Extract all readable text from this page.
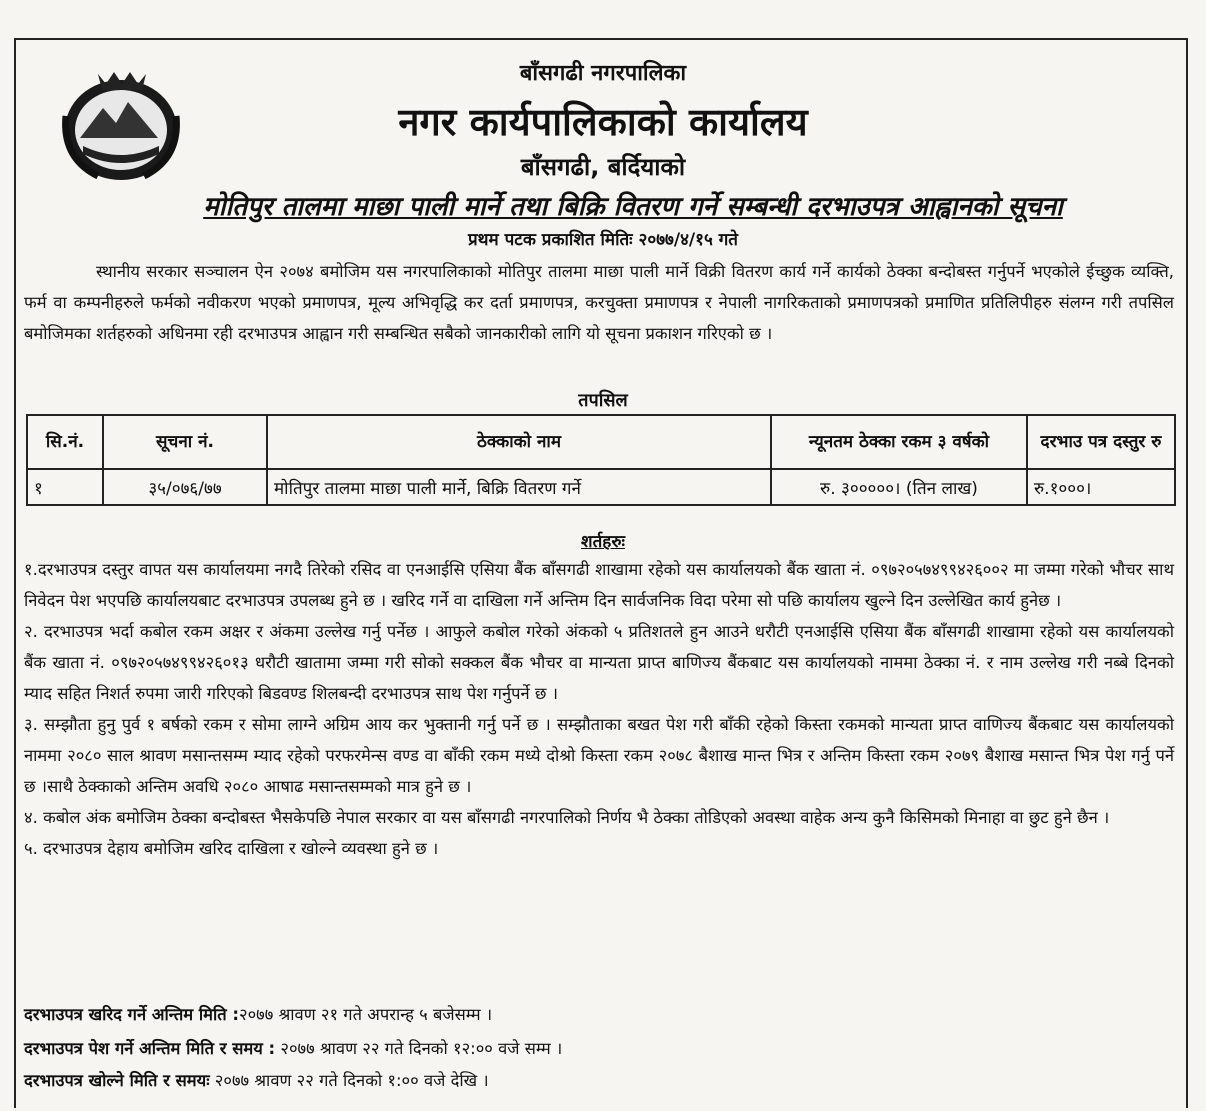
बाँसगढी नगरपालिका
नगर कार्यपालिकाको कार्यालय
बाँसगढी, बर्दियाको
मोतिपुर तालमा माछा पाली मार्ने तथा बिक्रि वितरण गर्ने सम्बन्धी दरभाउपत्र आह्वानको सूचना
प्रथम पटक प्रकाशित मितिः २०७७/४/१५ गते
स्थानीय सरकार सञ्चालन ऐन २०७४ बमोजिम यस नगरपालिकाको मोतिपुर तालमा माछा पाली मार्ने विक्री वितरण कार्य गर्ने कार्यको ठेक्का बन्दोबस्त गर्नुपर्ने भएकोले ईच्छुक व्यक्ति, फर्म वा कम्पनीहरुले फर्मको नवीकरण भएको प्रमाणपत्र, मूल्य अभिवृद्धि कर दर्ता प्रमाणपत्र, करचुक्ता प्रमाणपत्र र नेपाली नागरिकताको प्रमाणपत्रको प्रमाणित प्रतिलिपीहरु संलग्न गरी तपसिल बमोजिमका शर्तहरुको अधिनमा रही दरभाउपत्र आह्वान गरी सम्बन्धित सबैको जानकारीको लागि यो सूचना प्रकाशन गरिएको छ ।
तपसिल
सि.नं.	सूचना नं.	ठेक्काको नाम	न्यूनतम ठेक्का रकम ३ वर्षको	दरभाउ पत्र दस्तुर रु
१	३५/०७६/७७	मोतिपुर तालमा माछा पाली मार्ने, बिक्रि वितरण गर्ने	रु. ३०००००। (तिन लाख)	रु.१०००।
शर्तहरुः

१.दरभाउपत्र दस्तुर वापत यस कार्यालयमा नगदै तिरेको रसिद वा एनआईसि एसिया बैंक बाँसगढी शाखामा रहेको यस कार्यालयको बैंक खाता नं. ०९७२०५७४९९४२६००२ मा जम्मा गरेको भौचर साथ निवेदन पेश भएपछि कार्यालयबाट दरभाउपत्र उपलब्ध हुने छ । खरिद गर्ने वा दाखिला गर्ने अन्तिम दिन सार्वजनिक विदा परेमा सो पछि कार्यालय खुल्ने दिन उल्लेखित कार्य हुनेछ ।

२. दरभाउपत्र भर्दा कबोल रकम अक्षर र अंकमा उल्लेख गर्नु पर्नेछ । आफुले कबोल गरेको अंकको ५ प्रतिशतले हुन आउने धरौटी एनआईसि एसिया बैंक बाँसगढी शाखामा रहेको यस कार्यालयको बैंक खाता नं. ०९७२०५७४९९४२६०१३ धरौटी खातामा जम्मा गरी सोको सक्कल बैंक भौचर वा मान्यता प्राप्त बाणिज्य बैंकबाट यस कार्यालयको नाममा ठेक्का नं. र नाम उल्लेख गरी नब्बे दिनको म्याद सहित निशर्त रुपमा जारी गरिएको बिडवण्ड शिलबन्दी दरभाउपत्र साथ पेश गर्नुपर्ने छ ।

३. सम्झौता हुनु पुर्व १ बर्षको रकम र सोमा लाग्ने अग्रिम आय कर भुक्तानी गर्नु पर्ने छ । सम्झौताका बखत पेश गरी बाँकी रहेको किस्ता रकमको मान्यता प्राप्त वाणिज्य बैंकबाट यस कार्यालयको नाममा २०८० साल श्रावण मसान्तसम्म म्याद रहेको परफरमेन्स वण्ड वा बाँकी रकम मध्ये दोश्रो किस्ता रकम २०७८ बैशाख मान्त भित्र र अन्तिम किस्ता रकम २०७९ बैशाख मसान्त भित्र पेश गर्नु पर्ने छ ।साथै ठेक्काको अन्तिम अवधि २०८० आषाढ मसान्तसम्मको मात्र हुने छ ।

४. कबोल अंक बमोजिम ठेक्का बन्दोबस्त भैसकेपछि नेपाल सरकार वा यस बाँसगढी नगरपालिको निर्णय भै ठेक्का तोडिएको अवस्था वाहेक अन्य कुनै किसिमको मिनाहा वा छुट हुने छैन ।

५. दरभाउपत्र देहाय बमोजिम खरिद दाखिला र खोल्ने व्यवस्था हुने छ ।

दरभाउपत्र खरिद गर्ने अन्तिम मिति :२०७७ श्रावण २१ गते अपरान्ह ५ बजेसम्म ।
दरभाउपत्र पेश गर्ने अन्तिम मिति र समय : २०७७ श्रावण २२ गते दिनको १२:०० वजे सम्म ।
दरभाउपत्र खोल्ने मिति र समयः २०७७ श्रावण २२ गते दिनको १:०० वजे देखि ।
